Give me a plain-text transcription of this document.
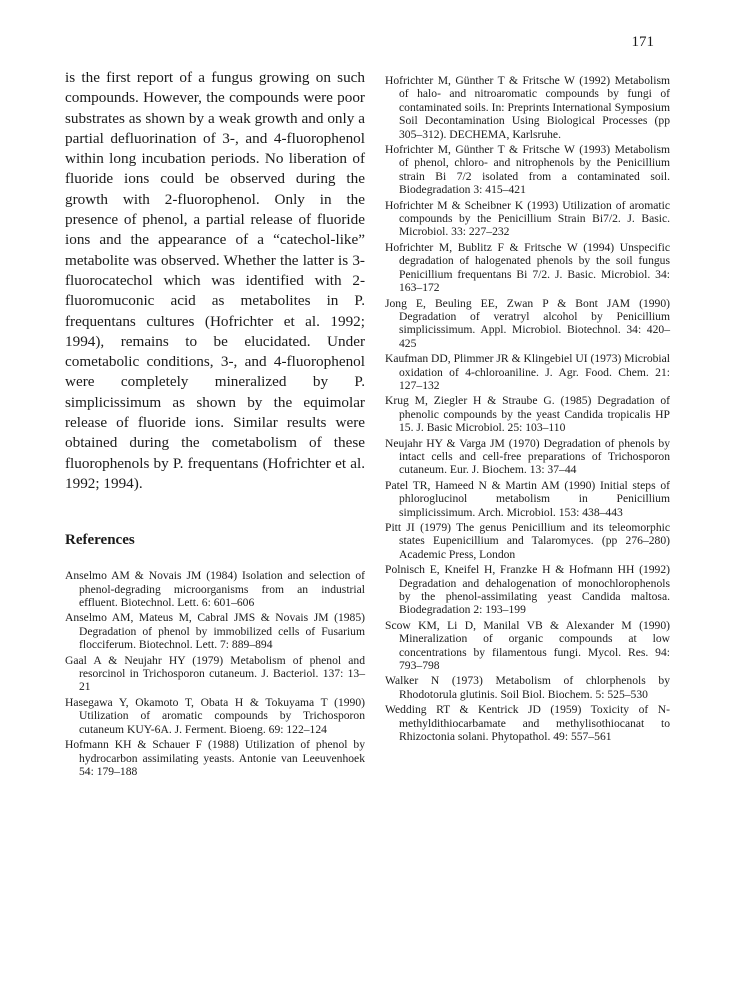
171

is the first report of a fungus growing on such compounds. However, the compounds were poor substrates as shown by a weak growth and only a partial defluorination of 3-, and 4-fluorophenol within long incubation periods. No liberation of fluoride ions could be observed during the growth with 2-fluorophenol. Only in the presence of phenol, a partial release of fluoride ions and the appearance of a “catechol-like” metabolite was observed. Whether the latter is 3-fluorocatechol which was identified with 2-fluoromuconic acid as metabolites in P. frequentans cultures (Hofrichter et al. 1992; 1994), remains to be elucidated. Under cometabolic conditions, 3-, and 4-fluorophenol were completely mineralized by P. simplicissimum as shown by the equimolar release of fluoride ions. Similar results were obtained during the cometabolism of these fluorophenols by P. frequentans (Hofrichter et al. 1992; 1994).

References

Anselmo AM & Novais JM (1984) Isolation and selection of phenol-degrading microorganisms from an industrial effluent. Biotechnol. Lett. 6: 601–606

Anselmo AM, Mateus M, Cabral JMS & Novais JM (1985) Degradation of phenol by immobilized cells of Fusarium flocciferum. Biotechnol. Lett. 7: 889–894

Gaal A & Neujahr HY (1979) Metabolism of phenol and resorcinol in Trichosporon cutaneum. J. Bacteriol. 137: 13–21

Hasegawa Y, Okamoto T, Obata H & Tokuyama T (1990) Utilization of aromatic compounds by Trichosporon cutaneum KUY-6A. J. Ferment. Bioeng. 69: 122–124

Hofmann KH & Schauer F (1988) Utilization of phenol by hydrocarbon assimilating yeasts. Antonie van Leeuvenhoek 54: 179–188

Hofrichter M, Günther T & Fritsche W (1992) Metabolism of halo- and nitroaromatic compounds by fungi of contaminated soils. In: Preprints International Symposium Soil Decontamination Using Biological Processes (pp 305–312). DECHEMA, Karlsruhe.

Hofrichter M, Günther T & Fritsche W (1993) Metabolism of phenol, chloro- and nitrophenols by the Penicillium strain Bi 7/2 isolated from a contaminated soil. Biodegradation 3: 415–421

Hofrichter M & Scheibner K (1993) Utilization of aromatic compounds by the Penicillium Strain Bi7/2. J. Basic. Microbiol. 33: 227–232

Hofrichter M, Bublitz F & Fritsche W (1994) Unspecific degradation of halogenated phenols by the soil fungus Penicillium frequentans Bi 7/2. J. Basic. Microbiol. 34: 163–172

Jong E, Beuling EE, Zwan P & Bont JAM (1990) Degradation of veratryl alcohol by Penicillium simplicissimum. Appl. Microbiol. Biotechnol. 34: 420–425

Kaufman DD, Plimmer JR & Klingebiel UI (1973) Microbial oxidation of 4-chloroaniline. J. Agr. Food. Chem. 21: 127–132

Krug M, Ziegler H & Straube G. (1985) Degradation of phenolic compounds by the yeast Candida tropicalis HP 15. J. Basic Microbiol. 25: 103–110

Neujahr HY & Varga JM (1970) Degradation of phenols by intact cells and cell-free preparations of Trichosporon cutaneum. Eur. J. Biochem. 13: 37–44

Patel TR, Hameed N & Martin AM (1990) Initial steps of phloroglucinol metabolism in Penicillium simplicissimum. Arch. Microbiol. 153: 438–443

Pitt JI (1979) The genus Penicillium and its teleomorphic states Eupenicillium and Talaromyces. (pp 276–280) Academic Press, London

Polnisch E, Kneifel H, Franzke H & Hofmann HH (1992) Degradation and dehalogenation of monochlorophenols by the phenol-assimilating yeast Candida maltosa. Biodegradation 2: 193–199

Scow KM, Li D, Manilal VB & Alexander M (1990) Mineralization of organic compounds at low concentrations by filamentous fungi. Mycol. Res. 94: 793–798

Walker N (1973) Metabolism of chlorphenols by Rhodotorula glutinis. Soil Biol. Biochem. 5: 525–530

Wedding RT & Kentrick JD (1959) Toxicity of N-methyldithiocarbamate and methylisothiocanat to Rhizoctonia solani. Phytopathol. 49: 557–561
